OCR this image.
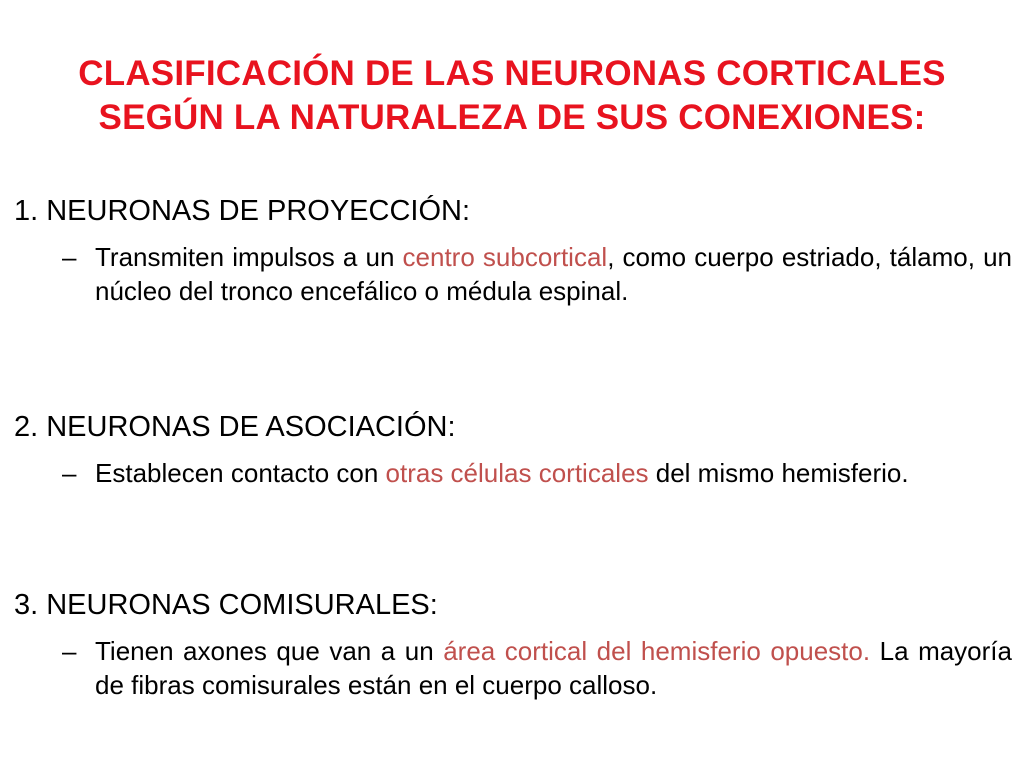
CLASIFICACIÓN DE LAS NEURONAS CORTICALES
SEGÚN LA NATURALEZA DE SUS CONEXIONES:
1. NEURONAS DE PROYECCIÓN:
– Transmiten impulsos a un centro subcortical, como cuerpo estriado, tálamo, un núcleo del tronco encefálico o médula espinal.
2. NEURONAS DE ASOCIACIÓN:
– Establecen contacto con otras células corticales del mismo hemisferio.
3. NEURONAS COMISURALES:
– Tienen axones que van a un área cortical del hemisferio opuesto. La mayoría de fibras comisurales están en el cuerpo calloso.
